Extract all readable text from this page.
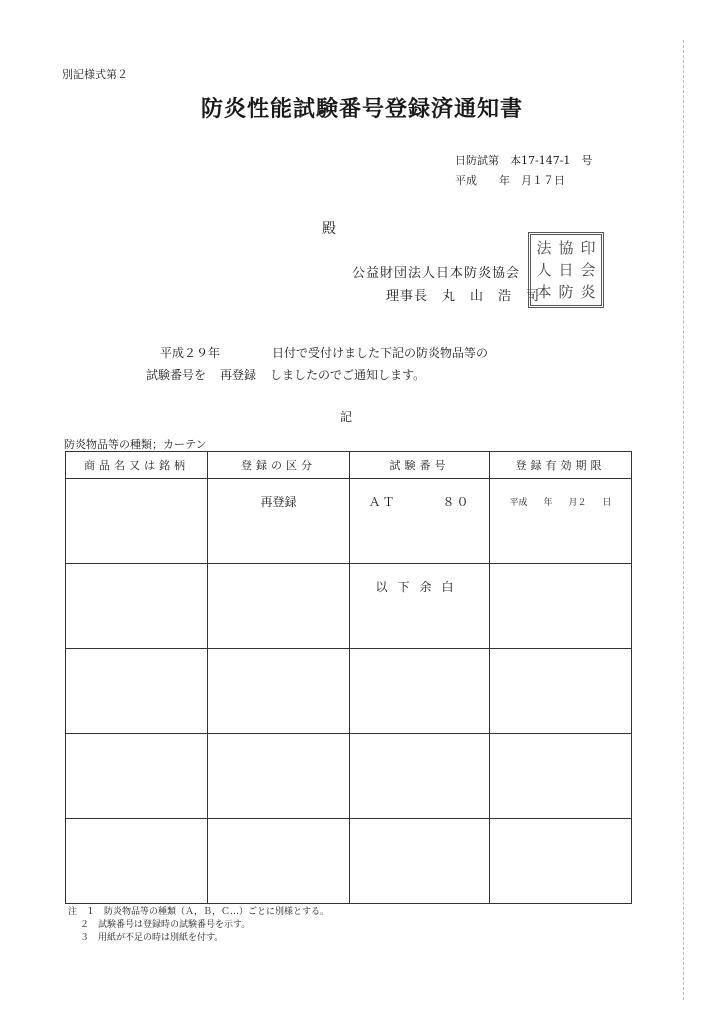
別記様式第２
防炎性能試験番号登録済通知書
日防試第　本17-147-1　号
平成　　年　月１７日
殿
公益財団法人日本防炎協会
理事長　丸　山　浩　司
法 協 印
人 日 会
本 防 炎
平成２９年	日付で受付けました下記の防炎物品等の
試験番号を 再登録 しましたのでご通知します。
記
防炎物品等の種類；カーテン
商品名又は銘柄	登録の区分	試験番号	登録有効期限
	再登録	ＡＴ ８０	$^{平成 年 月2 日}$
		以下余白	

注　１　防炎物品等の種類（Ａ，Ｂ，Ｃ…）ごとに別様とする。
２　試験番号は登録時の試験番号を示す。
３　用紙が不足の時は別紙を付す。
